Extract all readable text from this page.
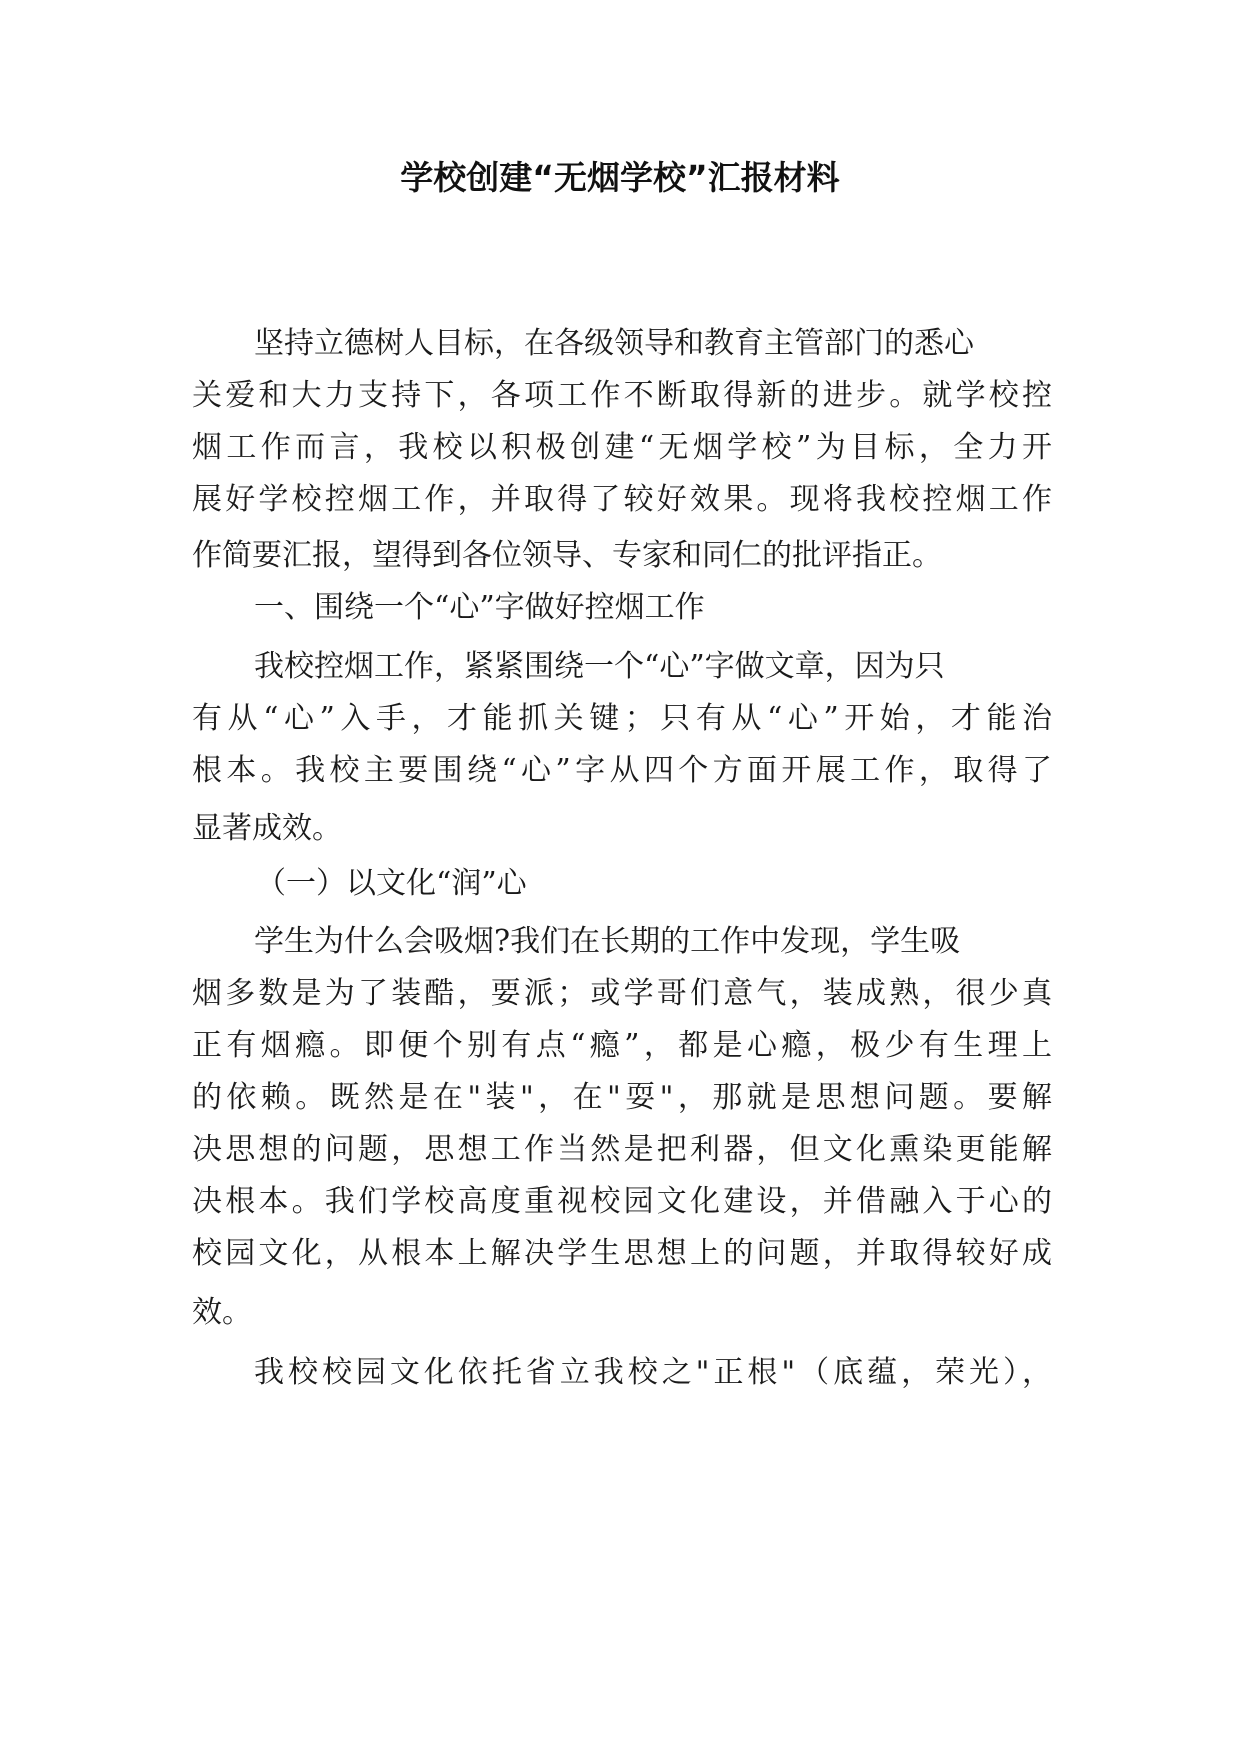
学校创建“无烟学校”汇报材料
坚持立德树人目标，在各级领导和教育主管部门的悉心
关爱和大力支持下，各项工作不断取得新的进步。就学校控
烟工作而言，我校以积极创建“无烟学校”为目标，全力开
展好学校控烟工作，并取得了较好效果。现将我校控烟工作
作简要汇报，望得到各位领导、专家和同仁的批评指正。
一、围绕一个“心”字做好控烟工作
我校控烟工作，紧紧围绕一个“心”字做文章，因为只
有从“心”入手，才能抓关键；只有从“心”开始，才能治
根本。我校主要围绕“心”字从四个方面开展工作，取得了
显著成效。
（一）以文化“润”心
学生为什么会吸烟?我们在长期的工作中发现，学生吸
烟多数是为了装酷，要派；或学哥们意气，装成熟，很少真
正有烟瘾。即便个别有点“瘾”，都是心瘾，极少有生理上
的依赖。既然是在"装"，在"耍"，那就是思想问题。要解
决思想的问题，思想工作当然是把利器，但文化熏染更能解
决根本。我们学校高度重视校园文化建设，并借融入于心的
校园文化，从根本上解决学生思想上的问题，并取得较好成
效。
我校校园文化依托省立我校之"正根"（底蕴，荣光），
